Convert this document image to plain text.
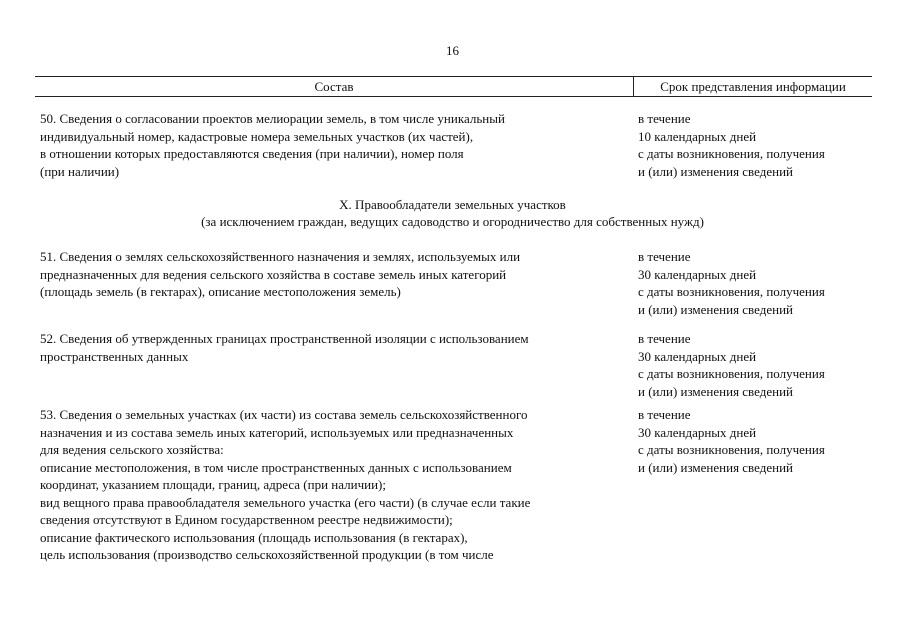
16
Состав	Срок представления информации
50. Сведения о согласовании проектов мелиорации земель, в том числе уникальный
индивидуальный номер, кадастровые номера земельных участков (их частей),
в отношении которых предоставляются сведения (при наличии), номер поля
(при наличии)
в течение
10 календарных дней
с даты возникновения, получения
и (или) изменения сведений
X. Правообладатели земельных участков
(за исключением граждан, ведущих садоводство и огородничество для собственных нужд)
51. Сведения о землях сельскохозяйственного назначения и землях, используемых или
предназначенных для ведения сельского хозяйства в составе земель иных категорий
(площадь земель (в гектарах), описание местоположения земель)
в течение
30 календарных дней
с даты возникновения, получения
и (или) изменения сведений
52. Сведения об утвержденных границах пространственной изоляции с использованием
пространственных данных
в течение
30 календарных дней
с даты возникновения, получения
и (или) изменения сведений
53. Сведения о земельных участках (их части) из состава земель сельскохозяйственного
назначения и из состава земель иных категорий, используемых или предназначенных
для ведения сельского хозяйства:
описание местоположения, в том числе пространственных данных с использованием
координат, указанием площади, границ, адреса (при наличии);
вид вещного права правообладателя земельного участка (его части) (в случае если такие
сведения отсутствуют в Едином государственном реестре недвижимости);
описание фактического использования (площадь использования (в гектарах),
цель использования (производство сельскохозяйственной продукции (в том числе
в течение
30 календарных дней
с даты возникновения, получения
и (или) изменения сведений
